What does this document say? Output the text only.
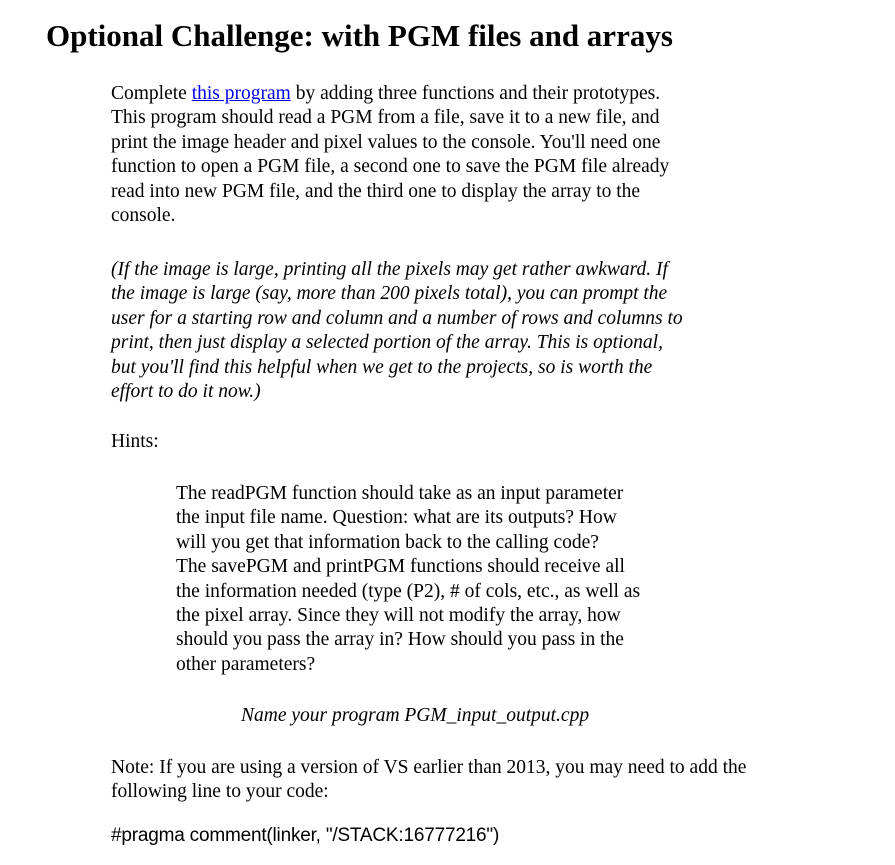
Optional Challenge: with PGM files and arrays
Complete this program by adding three functions and their prototypes.
This program should read a PGM from a file, save it to a new file, and
print the image header and pixel values to the console. You'll need one
function to open a PGM file, a second one to save the PGM file already
read into new PGM file, and the third one to display the array to the
console.
(If the image is large, printing all the pixels may get rather awkward. If
the image is large (say, more than 200 pixels total), you can prompt the
user for a starting row and column and a number of rows and columns to
print, then just display a selected portion of the array. This is optional,
but you'll find this helpful when we get to the projects, so is worth the
effort to do it now.)

Hints:

The readPGM function should take as an input parameter
the input file name. Question: what are its outputs? How
will you get that information back to the calling code?
The savePGM and printPGM functions should receive all
the information needed (type (P2), # of cols, etc., as well as
the pixel array. Since they will not modify the array, how
should you pass the array in? How should you pass in the
other parameters?

Name your program PGM_input_output.cpp

Note: If you are using a version of VS earlier than 2013, you may need to add the
following line to your code:

#pragma comment(linker, "/STACK:16777216")
